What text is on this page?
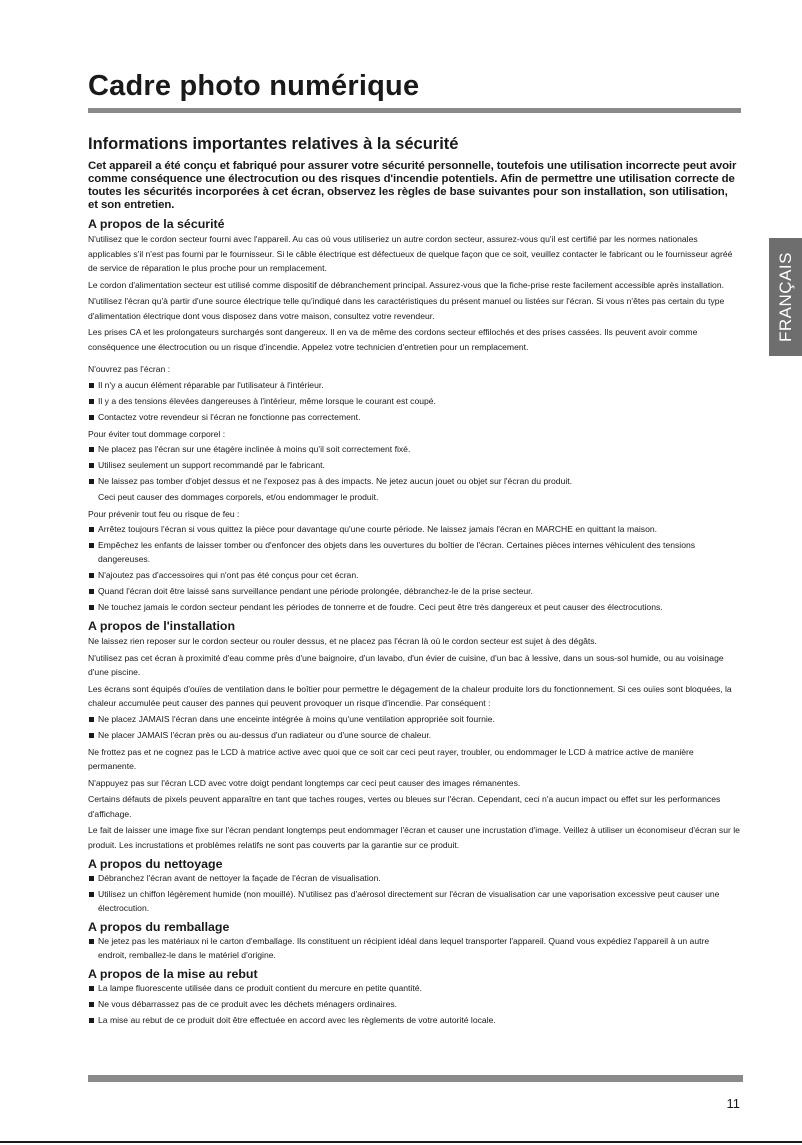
Cadre photo numérique
FRANÇAIS
Informations importantes relatives à la sécurité

Cet appareil a été conçu et fabriqué pour assurer votre sécurité personnelle, toutefois une utilisation incorrecte peut avoir comme conséquence une électrocution ou des risques d'incendie potentiels. Afin de permettre une utilisation correcte de toutes les sécurités incorporées à cet écran, observez les règles de base suivantes pour son installation, son utilisation, et son entretien.

A propos de la sécurité

N'utilisez que le cordon secteur fourni avec l'appareil. Au cas où vous utiliseriez un autre cordon secteur, assurez-vous qu'il est certifié par les normes nationales applicables s'il n'est pas fourni par le fournisseur. Si le câble électrique est défectueux de quelque façon que ce soit, veuillez contacter le fabricant ou le fournisseur agréé de service de réparation le plus proche pour un remplacement.

Le cordon d'alimentation secteur est utilisé comme dispositif de débranchement principal. Assurez-vous que la fiche-prise reste facilement accessible après installation.

N'utilisez l'écran qu'à partir d'une source électrique telle qu'indiqué dans les caractéristiques du présent manuel ou listées sur l'écran. Si vous n'êtes pas certain du type d'alimentation électrique dont vous disposez dans votre maison, consultez votre revendeur.

Les prises CA et les prolongateurs surchargés sont dangereux. Il en va de même des cordons secteur effilochés et des prises cassées. Ils peuvent avoir comme conséquence une électrocution ou un risque d'incendie. Appelez votre technicien d'entretien pour un remplacement.

N'ouvrez pas l'écran :

Il n'y a aucun élément réparable par l'utilisateur à l'intérieur.
Il y a des tensions élevées dangereuses à l'intérieur, même lorsque le courant est coupé.
Contactez votre revendeur si l'écran ne fonctionne pas correctement.

Pour éviter tout dommage corporel :

Ne placez pas l'écran sur une étagère inclinée à moins qu'il soit correctement fixé.
Utilisez seulement un support recommandé par le fabricant.
Ne laissez pas tomber d'objet dessus et ne l'exposez pas à des impacts. Ne jetez aucun jouet ou objet sur l'écran du produit.
Ceci peut causer des dommages corporels, et/ou endommager le produit.

Pour prévenir tout feu ou risque de feu :

Arrêtez toujours l'écran si vous quittez la pièce pour davantage qu'une courte période. Ne laissez jamais l'écran en MARCHE en quittant la maison.
Empêchez les enfants de laisser tomber ou d'enfoncer des objets dans les ouvertures du boîtier de l'écran. Certaines pièces internes véhiculent des tensions dangereuses.
N'ajoutez pas d'accessoires qui n'ont pas été conçus pour cet écran.
Quand l'écran doit être laissé sans surveillance pendant une période prolongée, débranchez-le de la prise secteur.
Ne touchez jamais le cordon secteur pendant les périodes de tonnerre et de foudre. Ceci peut être très dangereux et peut causer des électrocutions.
A propos de l'installation

Ne laissez rien reposer sur le cordon secteur ou rouler dessus, et ne placez pas l'écran là où le cordon secteur est sujet à des dégâts.

N'utilisez pas cet écran à proximité d'eau comme près d'une baignoire, d'un lavabo, d'un évier de cuisine, d'un bac à lessive, dans un sous-sol humide, ou au voisinage d'une piscine.

Les écrans sont équipés d'ouïes de ventilation dans le boîtier pour permettre le dégagement de la chaleur produite lors du fonctionnement. Si ces ouïes sont bloquées, la chaleur accumulée peut causer des pannes qui peuvent provoquer un risque d'incendie. Par conséquent :

Ne placez JAMAIS l'écran dans une enceinte intégrée à moins qu'une ventilation appropriée soit fournie.
Ne placer JAMAIS l'écran près ou au-dessus d'un radiateur ou d'une source de chaleur.

Ne frottez pas et ne cognez pas le LCD à matrice active avec quoi que ce soit car ceci peut rayer, troubler, ou endommager le LCD à matrice active de manière permanente.

N'appuyez pas sur l'écran LCD avec votre doigt pendant longtemps car ceci peut causer des images rémanentes.

Certains défauts de pixels peuvent apparaître en tant que taches rouges, vertes ou bleues sur l'écran. Cependant, ceci n'a aucun impact ou effet sur les performances d'affichage.

Le fait de laisser une image fixe sur l'écran pendant longtemps peut endommager l'écran et causer une incrustation d'image. Veillez à utiliser un économiseur d'écran sur le produit. Les incrustations et problèmes relatifs ne sont pas couverts par la garantie sur ce produit.

A propos du nettoyage
Débranchez l'écran avant de nettoyer la façade de l'écran de visualisation.
Utilisez un chiffon légèrement humide (non mouillé). N'utilisez pas d'aérosol directement sur l'écran de visualisation car une vaporisation excessive peut causer une électrocution.
A propos du remballage
Ne jetez pas les matériaux ni le carton d'emballage. Ils constituent un récipient idéal dans lequel transporter l'appareil. Quand vous expédiez l'appareil à un autre endroit, remballez-le dans le matériel d'origine.
A propos de la mise au rebut
La lampe fluorescente utilisée dans ce produit contient du mercure en petite quantité.
Ne vous débarrassez pas de ce produit avec les déchets ménagers ordinaires.
La mise au rebut de ce produit doit être effectuée en accord avec les règlements de votre autorité locale.
11
